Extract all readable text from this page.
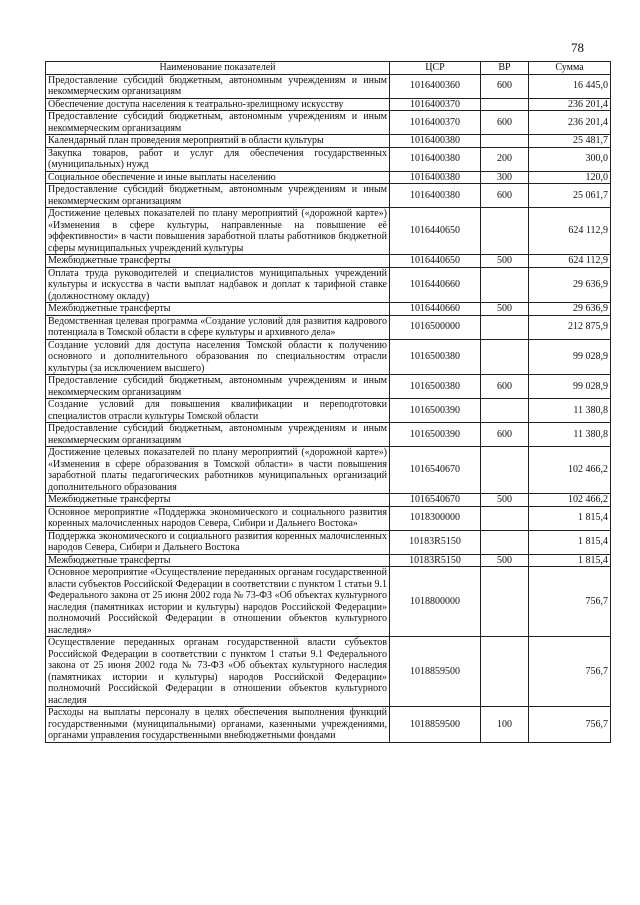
78
Наименование показателей	ЦСР	ВР	Сумма
Предоставление субсидий бюджетным, автономным учреждениям и иным некоммерческим организациям	1016400360	600	16 445,0
Обеспечение доступа населения к театрально-зрелищному искусству	1016400370		236 201,4
Предоставление субсидий бюджетным, автономным учреждениям и иным некоммерческим организациям	1016400370	600	236 201,4
Календарный план проведения мероприятий в области культуры	1016400380		25 481,7
Закупка товаров, работ и услуг для обеспечения государственных (муниципальных) нужд	1016400380	200	300,0
Социальное обеспечение и иные выплаты населению	1016400380	300	120,0
Предоставление субсидий бюджетным, автономным учреждениям и иным некоммерческим организациям	1016400380	600	25 061,7
Достижение целевых показателей по плану мероприятий («дорожной карте») «Изменения в сфере культуры, направленные на повышение её эффективности» в части повышения заработной платы работников бюджетной сферы муниципальных учреждений культуры	1016440650		624 112,9
Межбюджетные трансферты	1016440650	500	624 112,9
Оплата труда руководителей и специалистов муниципальных учреждений культуры и искусства в части выплат надбавок и доплат к тарифной ставке (должностному окладу)	1016440660		29 636,9
Межбюджетные трансферты	1016440660	500	29 636,9
Ведомственная целевая программа «Создание условий для развития кадрового потенциала в Томской области в сфере культуры и архивного дела»	1016500000		212 875,9
Создание условий для доступа населения Томской области к получению основного и дополнительного образования по специальностям отрасли культуры (за исключением высшего)	1016500380		99 028,9
Предоставление субсидий бюджетным, автономным учреждениям и иным некоммерческим организациям	1016500380	600	99 028,9
Создание условий для повышения квалификации и переподготовки специалистов отрасли культуры Томской области	1016500390		11 380,8
Предоставление субсидий бюджетным, автономным учреждениям и иным некоммерческим организациям	1016500390	600	11 380,8
Достижение целевых показателей по плану мероприятий («дорожной карте») «Изменения в сфере образования в Томской области» в части повышения заработной платы педагогических работников муниципальных организаций дополнительного образования	1016540670		102 466,2
Межбюджетные трансферты	1016540670	500	102 466,2
Основное мероприятие «Поддержка экономического и социального развития коренных малочисленных народов Севера, Сибири и Дальнего Востока»	1018300000		1 815,4
Поддержка экономического и социального развития коренных малочисленных народов Севера, Сибири и Дальнего Востока	10183R5150		1 815,4
Межбюджетные трансферты	10183R5150	500	1 815,4
Основное мероприятие «Осуществление переданных органам государственной власти субъектов Российской Федерации в соответствии с пунктом 1 статьи 9.1 Федерального закона от 25 июня 2002 года № 73-ФЗ «Об объектах культурного наследия (памятниках истории и культуры) народов Российской Федерации» полномочий Российской Федерации в отношении объектов культурного наследия»	1018800000		756,7
Осуществление переданных органам государственной власти субъектов Российской Федерации в соответствии с пунктом 1 статьи 9.1 Федерального закона от 25 июня 2002 года № 73-ФЗ «Об объектах культурного наследия (памятниках истории и культуры) народов Российской Федерации» полномочий Российской Федерации в отношении объектов культурного наследия	1018859500		756,7
Расходы на выплаты персоналу в целях обеспечения выполнения функций государственными (муниципальными) органами, казенными учреждениями, органами управления государственными внебюджетными фондами	1018859500	100	756,7
